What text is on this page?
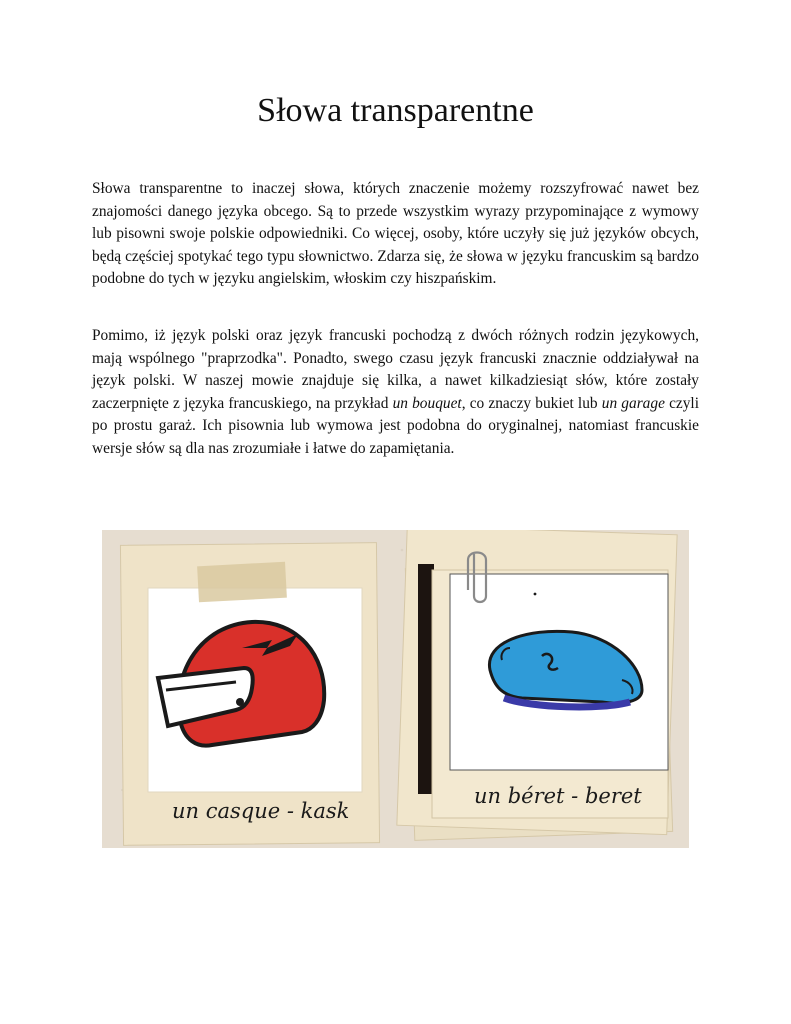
Słowa transparentne

Słowa transparentne to inaczej słowa, których znaczenie możemy rozszyfrować nawet bez znajomości danego języka obcego. Są to przede wszystkim wyrazy przypominające z wymowy lub pisowni swoje polskie odpowiedniki. Co więcej, osoby, które uczyły się już języków obcych, będą częściej spotykać tego typu słownictwo. Zdarza się, że słowa w języku francuskim są bardzo podobne do tych w języku angielskim, włoskim czy hiszpańskim.

Pomimo, iż język polski oraz język francuski pochodzą z dwóch różnych rodzin językowych, mają wspólnego "praprzodka". Ponadto, swego czasu język francuski znacznie oddziaływał na język polski. W naszej mowie znajduje się kilka, a nawet kilkadziesiąt słów, które zostały zaczerpnięte z języka francuskiego, na przykład un bouquet, co znaczy bukiet lub un garage czyli po prostu garaż. Ich pisownia lub wymowa jest podobna do oryginalnej, natomiast francuskie wersje słów są dla nas zrozumiałe i łatwe do zapamiętania.

un casque - kask
un béret - beret
